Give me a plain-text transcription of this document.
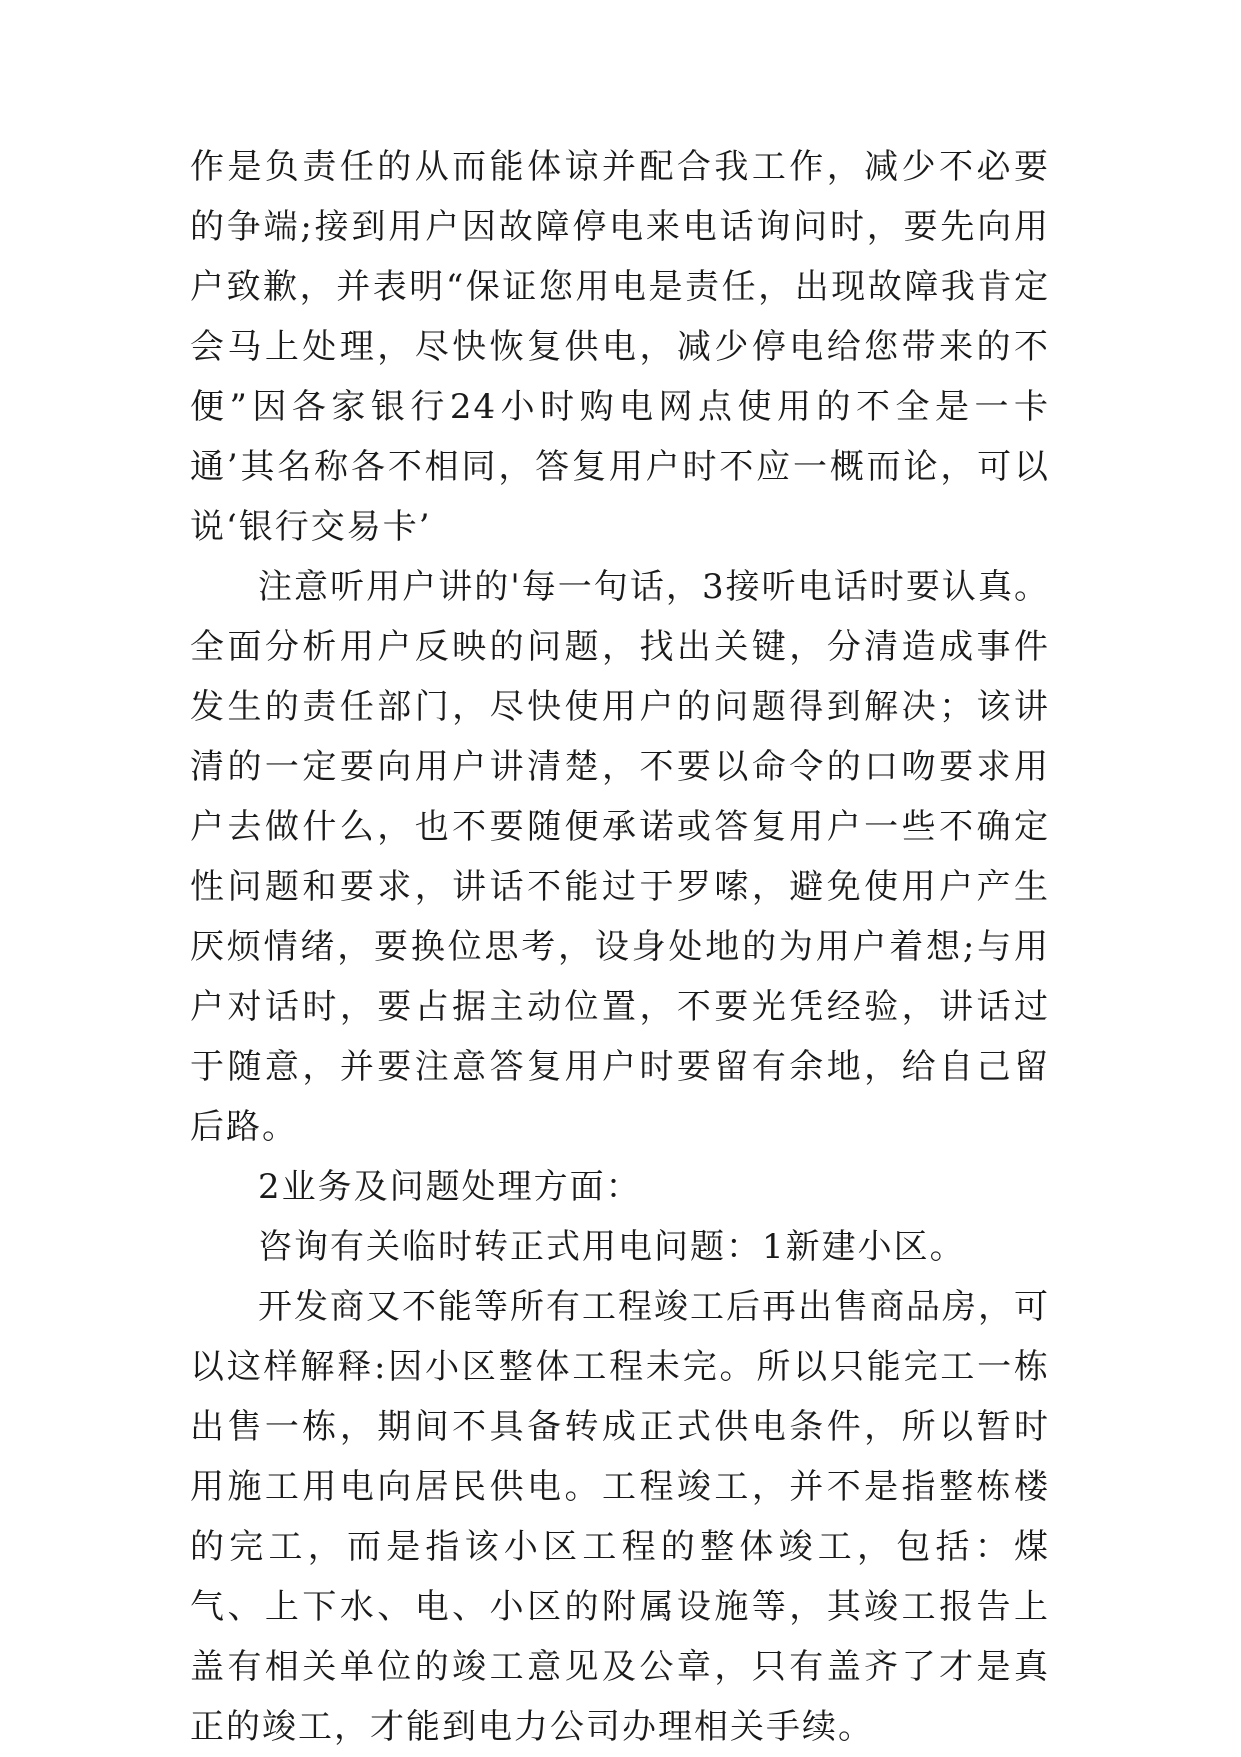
作是负责任的从而能体谅并配合我工作，减少不必要的争端;接到用户因故障停电来电话询问时，要先向用户致歉，并表明“保证您用电是责任，出现故障我肯定会马上处理，尽快恢复供电，减少停电给您带来的不便”因各家银行24小时购电网点使用的不全是一卡通’其名称各不相同，答复用户时不应一概而论，可以说‘银行交易卡’

注意听用户讲的'每一句话，3接听电话时要认真。全面分析用户反映的问题，找出关键，分清造成事件发生的责任部门，尽快使用户的问题得到解决；该讲清的一定要向用户讲清楚，不要以命令的口吻要求用户去做什么，也不要随便承诺或答复用户一些不确定性问题和要求，讲话不能过于罗嗦，避免使用户产生厌烦情绪，要换位思考，设身处地的为用户着想;与用户对话时，要占据主动位置，不要光凭经验，讲话过于随意，并要注意答复用户时要留有余地，给自己留后路。

2业务及问题处理方面：

咨询有关临时转正式用电问题：1新建小区。

开发商又不能等所有工程竣工后再出售商品房，可以这样解释:因小区整体工程未完。所以只能完工一栋出售一栋，期间不具备转成正式供电条件，所以暂时用施工用电向居民供电。工程竣工，并不是指整栋楼的完工，而是指该小区工程的整体竣工，包括：煤气、上下水、电、小区的附属设施等，其竣工报告上盖有相关单位的竣工意见及公章，只有盖齐了才是真正的竣工，才能到电力公司办理相关手续。
